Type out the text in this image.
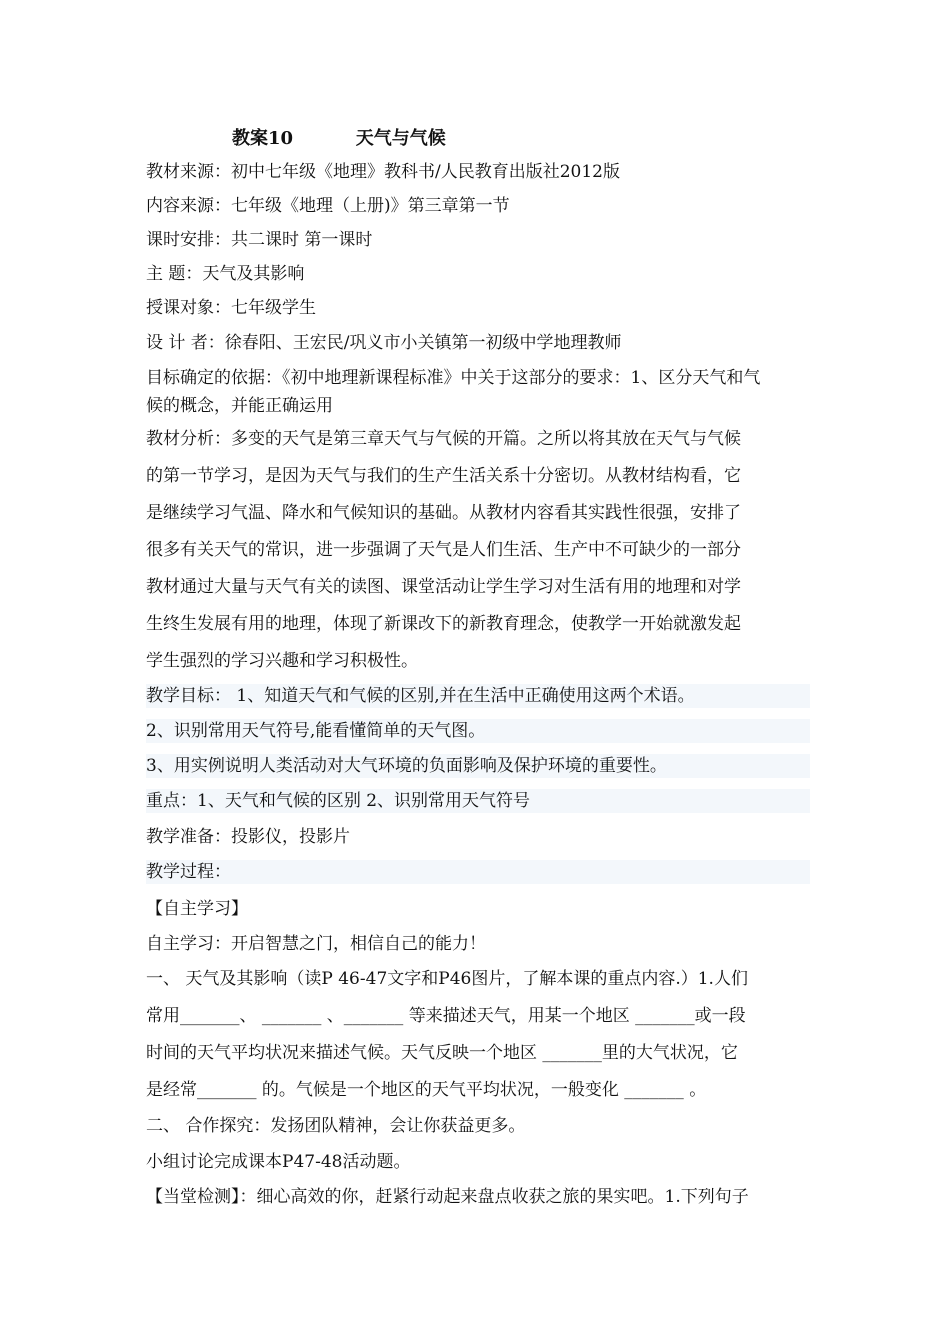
教案10          天气与气候
教材来源：初中七年级《地理》教科书/人民教育出版社2012版
内容来源：七年级《地理（上册)》第三章第一节
课时安排：共二课时 第一课时
主 题：天气及其影响
授课对象：七年级学生
设 计 者：徐春阳、王宏民/巩义市小关镇第一初级中学地理教师
目标确定的依据：《初中地理新课程标准》中关于这部分的要求：1、区分天气和气
候的概念，并能正确运用
教材分析：多变的天气是第三章天气与气候的开篇。之所以将其放在天气与气候
的第一节学习，是因为天气与我们的生产生活关系十分密切。从教材结构看，它
是继续学习气温、降水和气候知识的基础。从教材内容看其实践性很强，安排了
很多有关天气的常识，进一步强调了天气是人们生活、生产中不可缺少的一部分
教材通过大量与天气有关的读图、课堂活动让学生学习对生活有用的地理和对学
生终生发展有用的地理，体现了新课改下的新教育理念，使教学一开始就激发起
学生强烈的学习兴趣和学习积极性。
教学目标： 1、知道天气和气候的区别,并在生活中正确使用这两个术语。
2、识别常用天气符号,能看懂简单的天气图。
3、用实例说明人类活动对大气环境的负面影响及保护环境的重要性。
重点：1、天气和气候的区别 2、识别常用天气符号
教学准备：投影仪，投影片
教学过程：
【自主学习】
自主学习：开启智慧之门，相信自己的能力！
一、 天气及其影响（读P 46-47文字和P46图片，了解本课的重点内容.）1.人们
常用_______、 _______ 、_______ 等来描述天气，用某一个地区 _______或一段
时间的天气平均状况来描述气候。天气反映一个地区 _______里的大气状况，它
是经常_______ 的。气候是一个地区的天气平均状况，一般变化 _______ 。
二、 合作探究：发扬团队精神，会让你获益更多。
小组讨论完成课本P47-48活动题。
【当堂检测】：细心高效的你，赶紧行动起来盘点收获之旅的果实吧。1.下列句子
